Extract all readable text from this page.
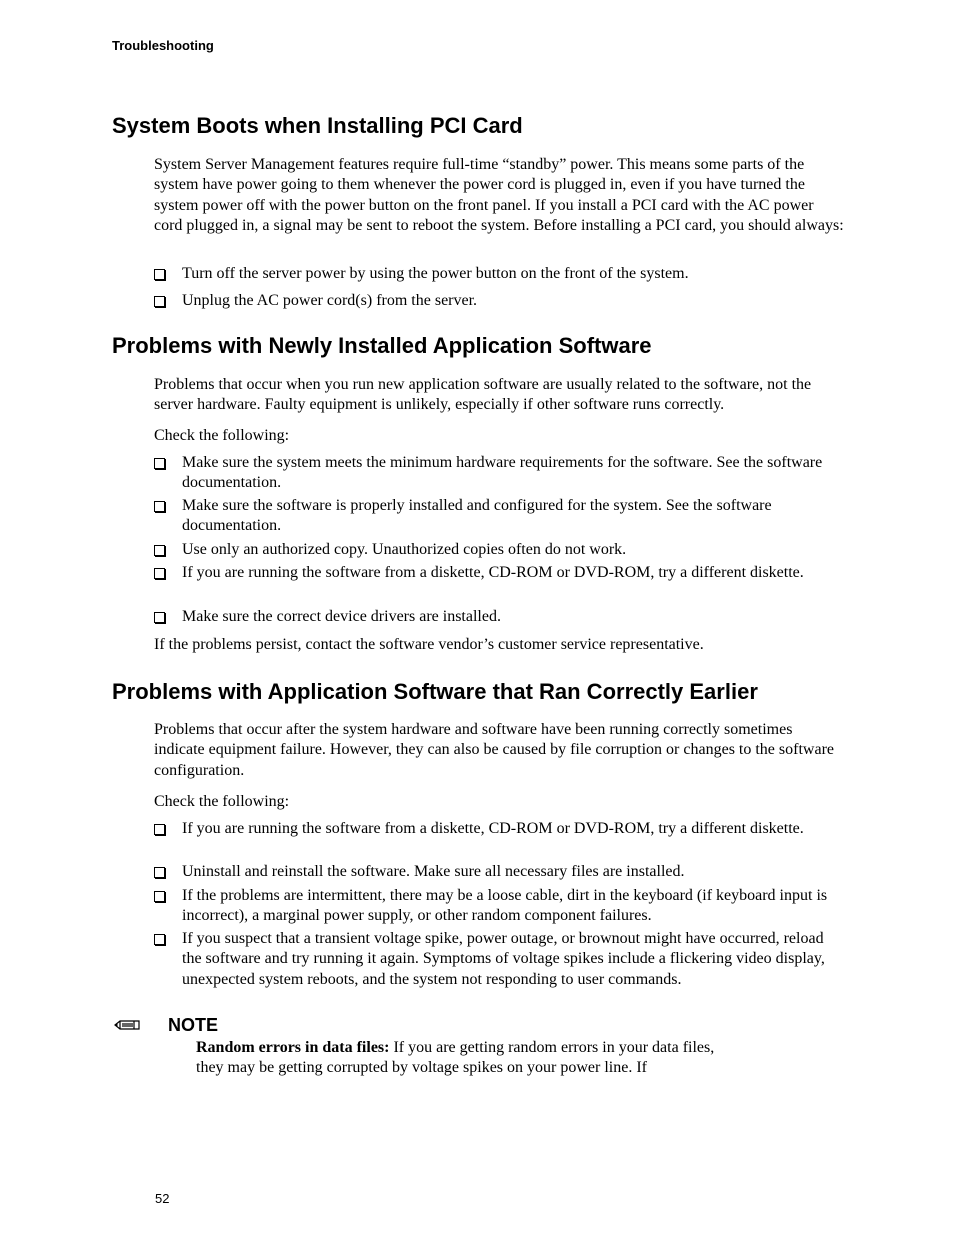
Troubleshooting
System Boots when Installing PCI Card

System Server Management features require full-time “standby” power. This means some parts of the system have power going to them whenever the power cord is plugged in, even if you have turned the system power off with the power button on the front panel. If you install a PCI card with the AC power cord plugged in, a signal may be sent to reboot the system. Before installing a PCI card, you should always:

Turn off the server power by using the power button on the front of the system.
Unplug the AC power cord(s) from the server.
Problems with Newly Installed Application Software

Problems that occur when you run new application software are usually related to the software, not the server hardware. Faulty equipment is unlikely, especially if other software runs correctly.

Check the following:

Make sure the system meets the minimum hardware requirements for the software. See the software documentation.
Make sure the software is properly installed and configured for the system. See the software documentation.
Use only an authorized copy. Unauthorized copies often do not work.
If you are running the software from a diskette, CD-ROM or DVD-ROM, try a different diskette.
Make sure the correct device drivers are installed.

If the problems persist, contact the software vendor’s customer service representative.

Problems with Application Software that Ran Correctly Earlier

Problems that occur after the system hardware and software have been running correctly sometimes indicate equipment failure. However, they can also be caused by file corruption or changes to the software configuration.

Check the following:

If you are running the software from a diskette, CD-ROM or DVD-ROM, try a different diskette.
Uninstall and reinstall the software. Make sure all necessary files are installed.
If the problems are intermittent, there may be a loose cable, dirt in the keyboard (if keyboard input is incorrect), a marginal power supply, or other random component failures.
If you suspect that a transient voltage spike, power outage, or brownout might have occurred, reload the software and try running it again. Symptoms of voltage spikes include a flickering video display, unexpected system reboots, and the system not responding to user commands.
NOTE
Random errors in data files: If you are getting random errors in your data files, they may be getting corrupted by voltage spikes on your power line. If
52
